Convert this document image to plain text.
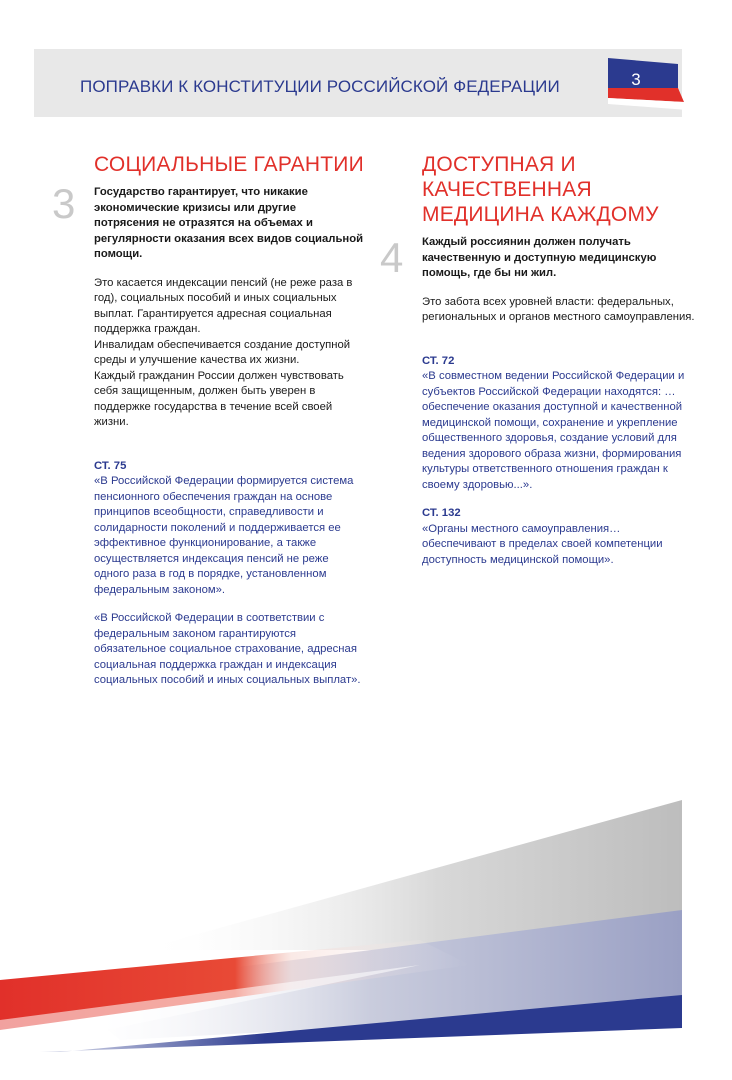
ПОПРАВКИ К КОНСТИТУЦИИ РОССИЙСКОЙ ФЕДЕРАЦИИ	3
3
СОЦИАЛЬНЫЕ ГАРАНТИИ

Государство гарантирует, что никакие экономические кризисы или другие потрясения не отразятся на объемах и регулярности оказания всех видов социальной помощи.

Это касается индексации пенсий (не реже раза в год), социальных пособий и иных социальных выплат. Гарантируется адресная социальная поддержка граждан.

Инвалидам обеспечивается создание доступной среды и улучшение качества их жизни.

Каждый гражданин России должен чувствовать себя защищенным, должен быть уверен в поддержке государства в течение всей своей жизни.

СТ. 75

«В Российской Федерации формируется система пенсионного обеспечения граждан на основе принципов всеобщности, справедливости и солидарности поколений и поддерживается ее эффективное функционирование, а также осуществляется индексация пенсий не реже одного раза в год в порядке, установленном федеральным законом».

«В Российской Федерации в соответствии с федеральным законом гарантируются обязательное социальное страхование, адресная социальная поддержка граждан и индексация социальных пособий и иных социальных выплат».

4
ДОСТУПНАЯ И КАЧЕСТВЕННАЯ МЕДИЦИНА КАЖДОМУ

Каждый россиянин должен получать качественную и доступную медицинскую помощь, где бы ни жил.

Это забота всех уровней власти: федеральных, региональных и органов местного самоуправления.

СТ. 72

«В совместном ведении Российской Федерации и субъектов Российской Федерации находятся: …обеспечение оказания доступной и качественной медицинской помощи, сохранение и укрепление общественного здоровья, создание условий для ведения здорового образа жизни, формирования культуры ответственного отношения граждан к своему здоровью...».

СТ. 132

«Органы местного самоуправления… обеспечивают в пределах своей компетенции доступность медицинской помощи».
